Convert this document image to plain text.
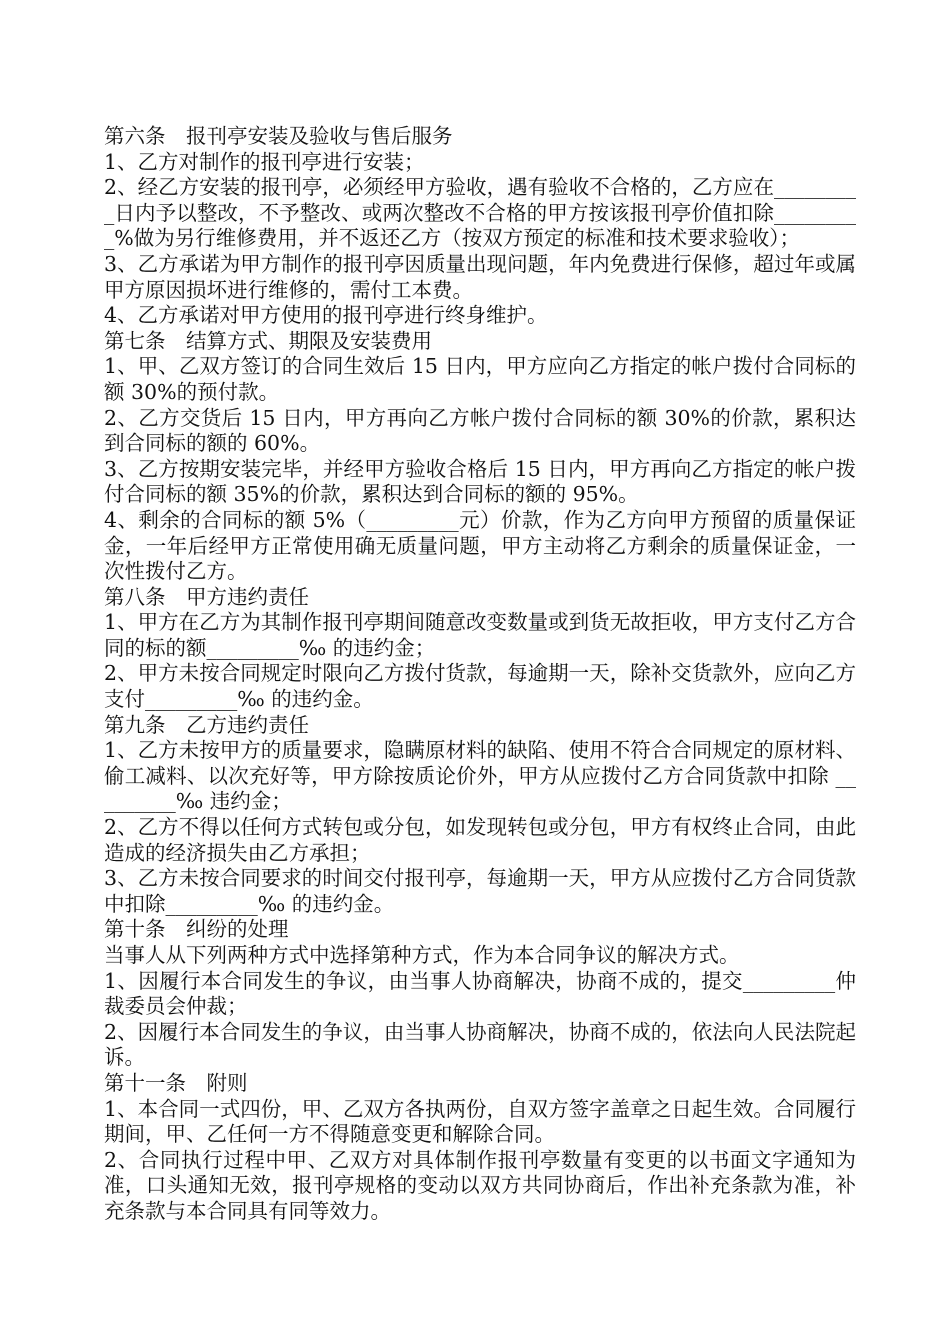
第六条　报刊亭安装及验收与售后服务
1、乙方对制作的报刊亭进行安装；
2、经乙方安装的报刊亭，必须经甲方验收，遇有验收不合格的，乙方应在_________日内予以整改，不予整改、或两次整改不合格的甲方按该报刊亭价值扣除_________%做为另行维修费用，并不返还乙方（按双方预定的标准和技术要求验收）；
3、乙方承诺为甲方制作的报刊亭因质量出现问题，年内免费进行保修，超过年或属甲方原因损坏进行维修的，需付工本费。
4、乙方承诺对甲方使用的报刊亭进行终身维护。
第七条　结算方式、期限及安装费用
1、甲、乙双方签订的合同生效后 15 日内，甲方应向乙方指定的帐户拨付合同标的额 30%的预付款。
2、乙方交货后 15 日内，甲方再向乙方帐户拨付合同标的额 30%的价款，累积达到合同标的额的 60%。
3、乙方按期安装完毕，并经甲方验收合格后 15 日内，甲方再向乙方指定的帐户拨付合同标的额 35%的价款，累积达到合同标的额的 95%。
4、剩余的合同标的额 5%（_________元）价款，作为乙方向甲方预留的质量保证金，一年后经甲方正常使用确无质量问题，甲方主动将乙方剩余的质量保证金，一次性拨付乙方。
第八条　甲方违约责任
1、甲方在乙方为其制作报刊亭期间随意改变数量或到货无故拒收，甲方支付乙方合同的标的额_________‰ 的违约金；
2、甲方未按合同规定时限向乙方拨付货款，每逾期一天，除补交货款外，应向乙方支付_________‰ 的违约金。
第九条　乙方违约责任
1、乙方未按甲方的质量要求，隐瞒原材料的缺陷、使用不符合合同规定的原材料、偷工减料、以次充好等，甲方除按质论价外，甲方从应拨付乙方合同货款中扣除 _________‰ 违约金；
2、乙方不得以任何方式转包或分包，如发现转包或分包，甲方有权终止合同，由此造成的经济损失由乙方承担；
3、乙方未按合同要求的时间交付报刊亭，每逾期一天，甲方从应拨付乙方合同货款中扣除_________‰ 的违约金。
第十条　纠纷的处理
当事人从下列两种方式中选择第种方式，作为本合同争议的解决方式。
1、因履行本合同发生的争议，由当事人协商解决，协商不成的，提交_________仲裁委员会仲裁；
2、因履行本合同发生的争议，由当事人协商解决，协商不成的，依法向人民法院起诉。
第十一条　附则
1、本合同一式四份，甲、乙双方各执两份，自双方签字盖章之日起生效。合同履行期间，甲、乙任何一方不得随意变更和解除合同。
2、合同执行过程中甲、乙双方对具体制作报刊亭数量有变更的以书面文字通知为准，口头通知无效，报刊亭规格的变动以双方共同协商后，作出补充条款为准，补充条款与本合同具有同等效力。
